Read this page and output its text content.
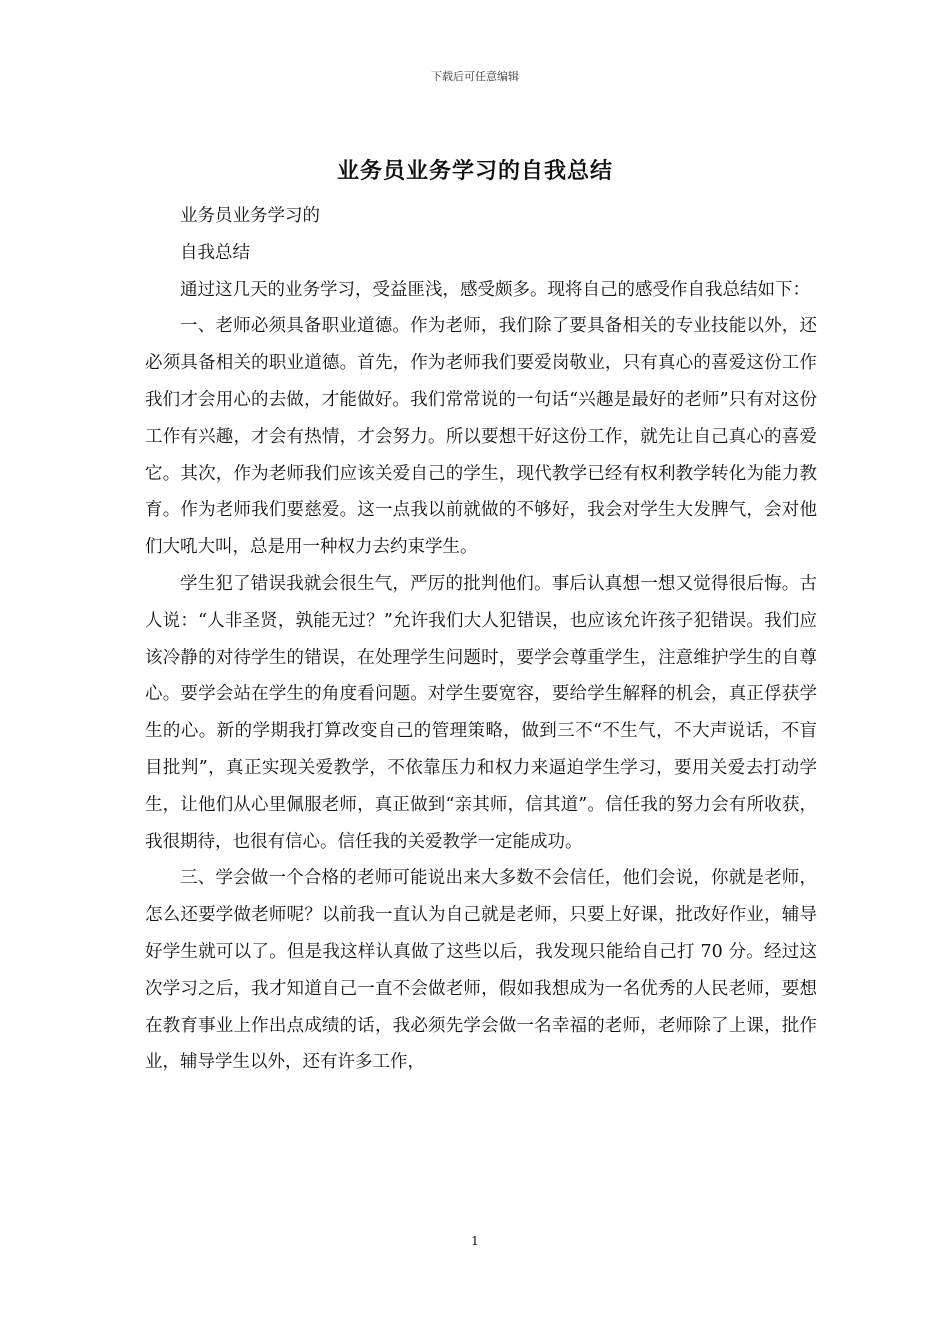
下载后可任意编辑
业务员业务学习的自我总结

业务员业务学习的

自我总结

通过这几天的业务学习，受益匪浅，感受颇多。现将自己的感受作自我总结如下：

一、老师必须具备职业道德。作为老师，我们除了要具备相关的专业技能以外，还必须具备相关的职业道德。首先，作为老师我们要爱岗敬业，只有真心的喜爱这份工作我们才会用心的去做，才能做好。我们常常说的一句话“兴趣是最好的老师”只有对这份工作有兴趣，才会有热情，才会努力。所以要想干好这份工作，就先让自己真心的喜爱它。其次，作为老师我们应该关爱自己的学生，现代教学已经有权利教学转化为能力教育。作为老师我们要慈爱。这一点我以前就做的不够好，我会对学生大发脾气，会对他们大吼大叫，总是用一种权力去约束学生。

学生犯了错误我就会很生气，严厉的批判他们。事后认真想一想又觉得很后悔。古人说：“人非圣贤，孰能无过？”允许我们大人犯错误，也应该允许孩子犯错误。我们应该冷静的对待学生的错误，在处理学生问题时，要学会尊重学生，注意维护学生的自尊心。要学会站在学生的角度看问题。对学生要宽容，要给学生解释的机会，真正俘获学生的心。新的学期我打算改变自己的管理策略，做到三不“不生气，不大声说话，不盲目批判”，真正实现关爱教学，不依靠压力和权力来逼迫学生学习，要用关爱去打动学生，让他们从心里佩服老师，真正做到“亲其师，信其道”。信任我的努力会有所收获，我很期待，也很有信心。信任我的关爱教学一定能成功。

三、学会做一个合格的老师可能说出来大多数不会信任，他们会说，你就是老师，怎么还要学做老师呢？以前我一直认为自己就是老师，只要上好课，批改好作业，辅导好学生就可以了。但是我这样认真做了这些以后，我发现只能给自己打 70 分。经过这次学习之后，我才知道自己一直不会做老师，假如我想成为一名优秀的人民老师，要想在教育事业上作出点成绩的话，我必须先学会做一名幸福的老师，老师除了上课，批作业，辅导学生以外，还有许多工作，

1
